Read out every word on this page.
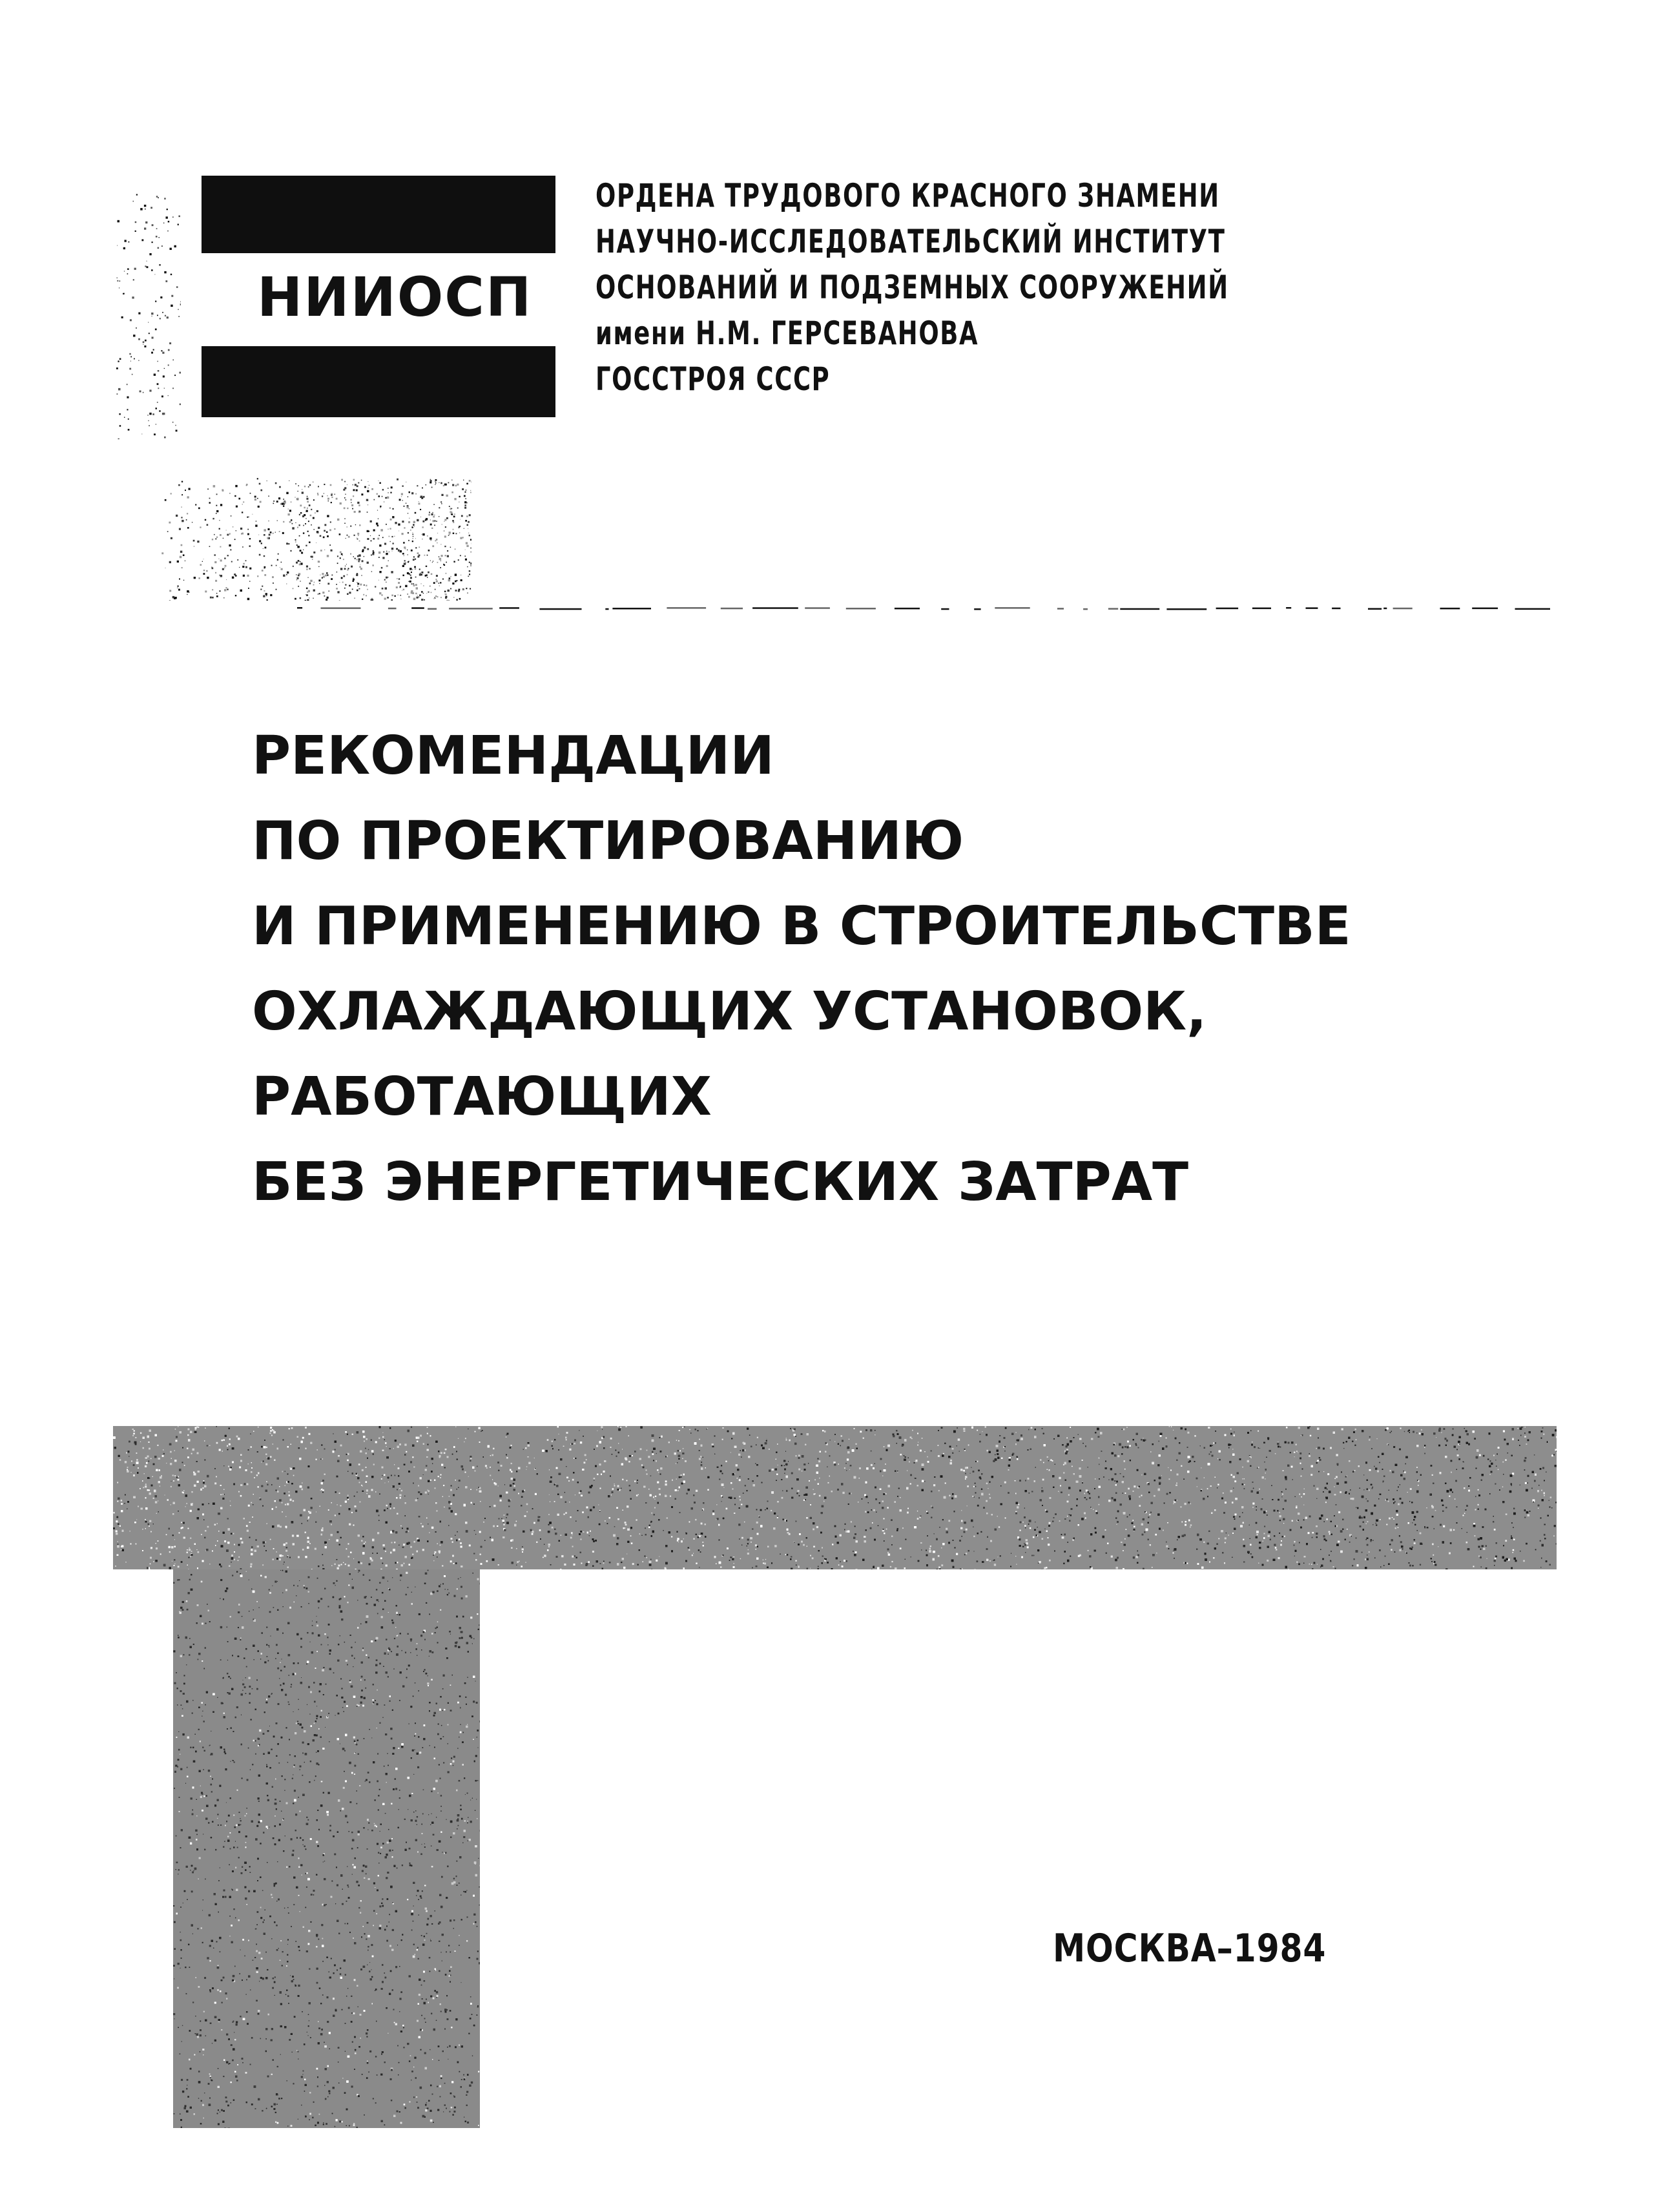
НИИОСП
ОРДЕНА ТРУДОВОГО КРАСНОГО ЗНАМЕНИ
НАУЧНО-ИССЛЕДОВАТЕЛЬСКИЙ ИНСТИТУТ
ОСНОВАНИЙ И ПОДЗЕМНЫХ СООРУЖЕНИЙ
имени Н.М. ГЕРСЕВАНОВА
ГОССТРОЯ СССР
РЕКОМЕНДАЦИИ
ПО ПРОЕКТИРОВАНИЮ
И ПРИМЕНЕНИЮ В СТРОИТЕЛЬСТВЕ
ОХЛАЖДАЮЩИХ УСТАНОВОК,
РАБОТАЮЩИХ
БЕЗ ЭНЕРГЕТИЧЕСКИХ ЗАТРАТ
МОСКВА–1984
